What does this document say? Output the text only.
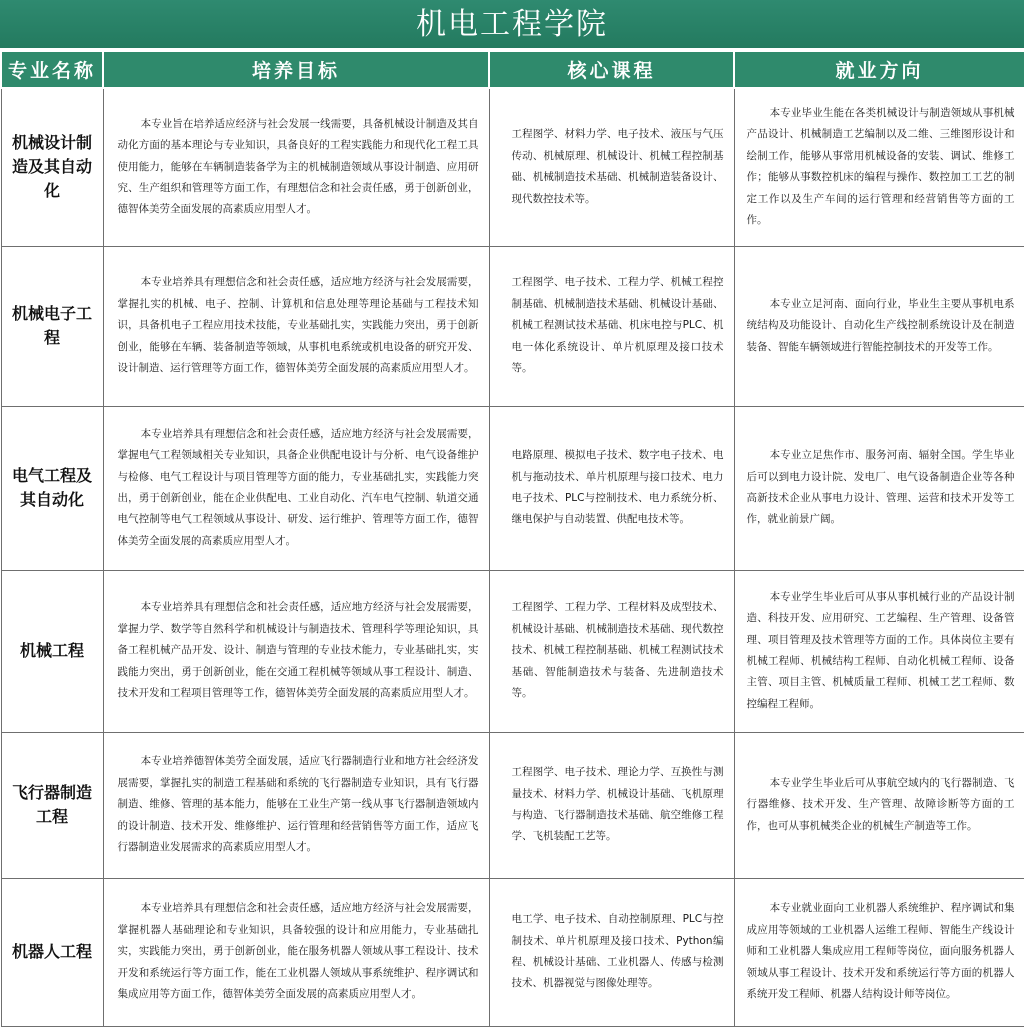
机电工程学院
专业名称	培养目标	核心课程	就业方向
机械设计制造及其自动化	本专业旨在培养适应经济与社会发展一线需要，具备机械设计制造及其自动化方面的基本理论与专业知识，具备良好的工程实践能力和现代化工程工具使用能力，能够在车辆制造装备学为主的机械制造领域从事设计制造、应用研究、生产组织和管理等方面工作，有理想信念和社会责任感，勇于创新创业，德智体美劳全面发展的高素质应用型人才。	工程图学、材料力学、电子技术、液压与气压传动、机械原理、机械设计、机械工程控制基础、机械制造技术基础、机械制造装备设计、现代数控技术等。	本专业毕业生能在各类机械设计与制造领域从事机械产品设计、机械制造工艺编制以及二维、三维图形设计和绘制工作，能够从事常用机械设备的安装、调试、维修工作；能够从事数控机床的编程与操作、数控加工工艺的制定工作以及生产车间的运行管理和经营销售等方面的工作。

机械电子工程	本专业培养具有理想信念和社会责任感，适应地方经济与社会发展需要，掌握扎实的机械、电子、控制、计算机和信息处理等理论基础与工程技术知识，具备机电子工程应用技术技能，专业基础扎实，实践能力突出，勇于创新创业，能够在车辆、装备制造等领域，从事机电系统或机电设备的研究开发、设计制造、运行管理等方面工作，德智体美劳全面发展的高素质应用型人才。	工程图学、电子技术、工程力学、机械工程控制基础、机械制造技术基础、机械设计基础、机械工程测试技术基础、机床电控与PLC、机电一体化系统设计、单片机原理及接口技术等。	本专业立足河南、面向行业，毕业生主要从事机电系统结构及功能设计、自动化生产线控制系统设计及在制造装备、智能车辆领域进行智能控制技术的开发等工作。

电气工程及其自动化	本专业培养具有理想信念和社会责任感，适应地方经济与社会发展需要，掌握电气工程领域相关专业知识，具备企业供配电设计与分析、电气设备维护与检修、电气工程设计与项目管理等方面的能力，专业基础扎实，实践能力突出，勇于创新创业，能在企业供配电、工业自动化、汽车电气控制、轨道交通电气控制等电气工程领域从事设计、研发、运行维护、管理等方面工作，德智体美劳全面发展的高素质应用型人才。	电路原理、模拟电子技术、数字电子技术、电机与拖动技术、单片机原理与接口技术、电力电子技术、PLC与控制技术、电力系统分析、继电保护与自动装置、供配电技术等。	本专业立足焦作市、服务河南、辐射全国。学生毕业后可以到电力设计院、发电厂、电气设备制造企业等各种高新技术企业从事电力设计、管理、运营和技术开发等工作，就业前景广阔。

机械工程	本专业培养具有理想信念和社会责任感，适应地方经济与社会发展需要，掌握力学、数学等自然科学和机械设计与制造技术、管理科学等理论知识，具备工程机械产品开发、设计、制造与管理的专业技术能力，专业基础扎实，实践能力突出，勇于创新创业，能在交通工程机械等领域从事工程设计、制造、技术开发和工程项目管理等工作，德智体美劳全面发展的高素质应用型人才。	工程图学、工程力学、工程材料及成型技术、机械设计基础、机械制造技术基础、现代数控技术、机械工程控制基础、机械工程测试技术基础、智能制造技术与装备、先进制造技术等。	本专业学生毕业后可从事从事机械行业的产品设计制造、科技开发、应用研究、工艺编程、生产管理、设备管理、项目管理及技术管理等方面的工作。具体岗位主要有机械工程师、机械结构工程师、自动化机械工程师、设备主管、项目主管、机械质量工程师、机械工艺工程师、数控编程工程师。

飞行器制造工程	本专业培养德智体美劳全面发展，适应飞行器制造行业和地方社会经济发展需要，掌握扎实的制造工程基础和系统的飞行器制造专业知识，具有飞行器制造、维修、管理的基本能力，能够在工业生产第一线从事飞行器制造领域内的设计制造、技术开发、维修维护、运行管理和经营销售等方面工作，适应飞行器制造业发展需求的高素质应用型人才。	工程图学、电子技术、理论力学、互换性与测量技术、材料力学、机械设计基础、飞机原理与构造、飞行器制造技术基础、航空维修工程学、飞机装配工艺等。	本专业学生毕业后可从事航空域内的飞行器制造、飞行器维修、技术开发、生产管理、故障诊断等方面的工作，也可从事机械类企业的机械生产制造等工作。

机器人工程	本专业培养具有理想信念和社会责任感，适应地方经济与社会发展需要，掌握机器人基础理论和专业知识，具备较强的设计和应用能力，专业基础扎实，实践能力突出，勇于创新创业，能在服务机器人领域从事工程设计、技术开发和系统运行等方面工作，能在工业机器人领域从事系统维护、程序调试和集成应用等方面工作，德智体美劳全面发展的高素质应用型人才。	电工学、电子技术、自动控制原理、PLC与控制技术、单片机原理及接口技术、Python编程、机械设计基础、工业机器人、传感与检测技术、机器视觉与图像处理等。	本专业就业面向工业机器人系统维护、程序调试和集成应用等领域的工业机器人运维工程师、智能生产线设计师和工业机器人集成应用工程师等岗位，面向服务机器人领域从事工程设计、技术开发和系统运行等方面的机器人系统开发工程师、机器人结构设计师等岗位。
